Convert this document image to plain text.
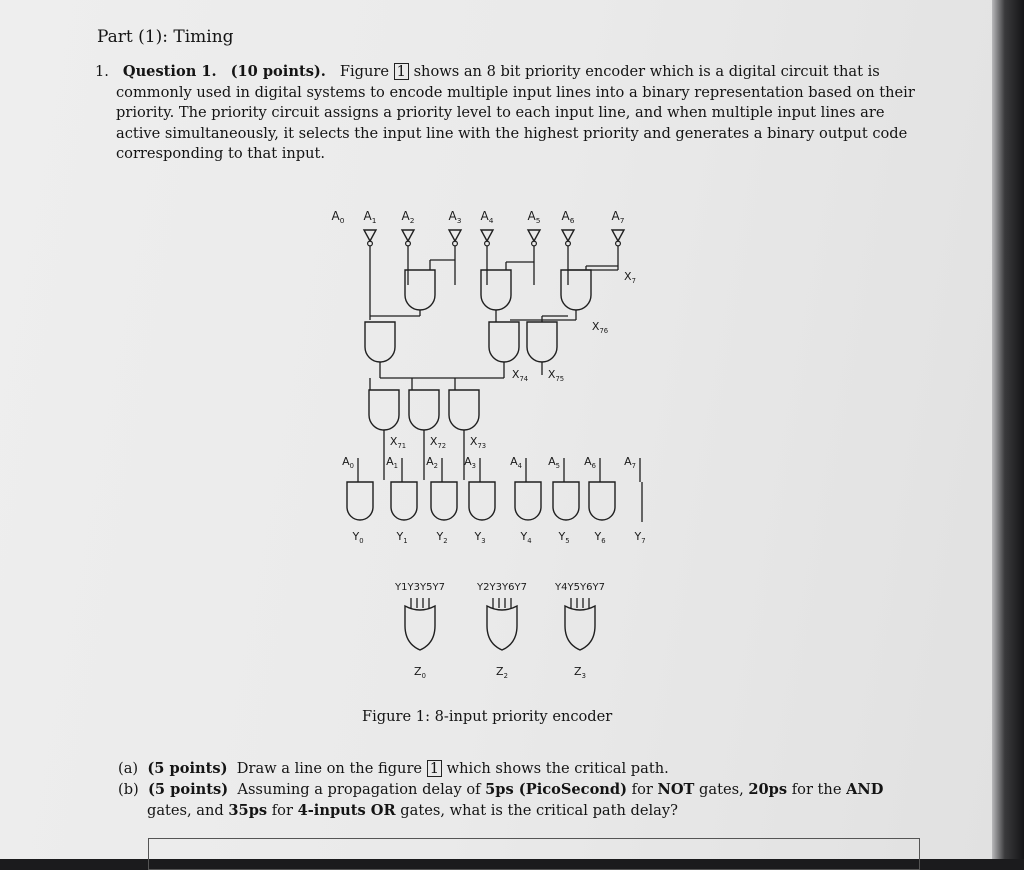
Part (1): Timing
1. Question 1. (10 points). Figure 1 shows an 8 bit priority encoder which is a digital circuit that is
commonly used in digital systems to encode multiple input lines into a binary representation based on their
priority. The priority circuit assigns a priority level to each input line, and when multiple input lines are
active simultaneously, it selects the input line with the highest priority and generates a binary output code
corresponding to that input.
$A_0$ $A_1$ $A_2$	$A_3$ $A_4$	$A_5$ $A_6$	$A_7$
$X_7$
$X_{76}$
$X_{74}$ $X_{75}$
$X_{71}$ $X_{72}$ $X_{73}$
$A_0$	$A_1$	$A_2$ $A_3$	$A_4$ $A_5$ $A_6$	$A_7$
$Y_0$	$Y_1$	$Y_2$ $Y_3$	$Y_4$ $Y_5$ $Y_6$	$Y_7$
Y1Y3Y5Y7	Y2Y3Y6Y7	Y4Y5Y6Y7
$Z_0$	$Z_2$	$Z_3$
Figure 1: 8-input priority encoder
(a) (5 points) Draw a line on the figure 1 which shows the critical path.
(b) (5 points) Assuming a propagation delay of 5ps (PicoSecond) for NOT gates, 20ps for the AND
gates, and 35ps for 4-inputs OR gates, what is the critical path delay?
